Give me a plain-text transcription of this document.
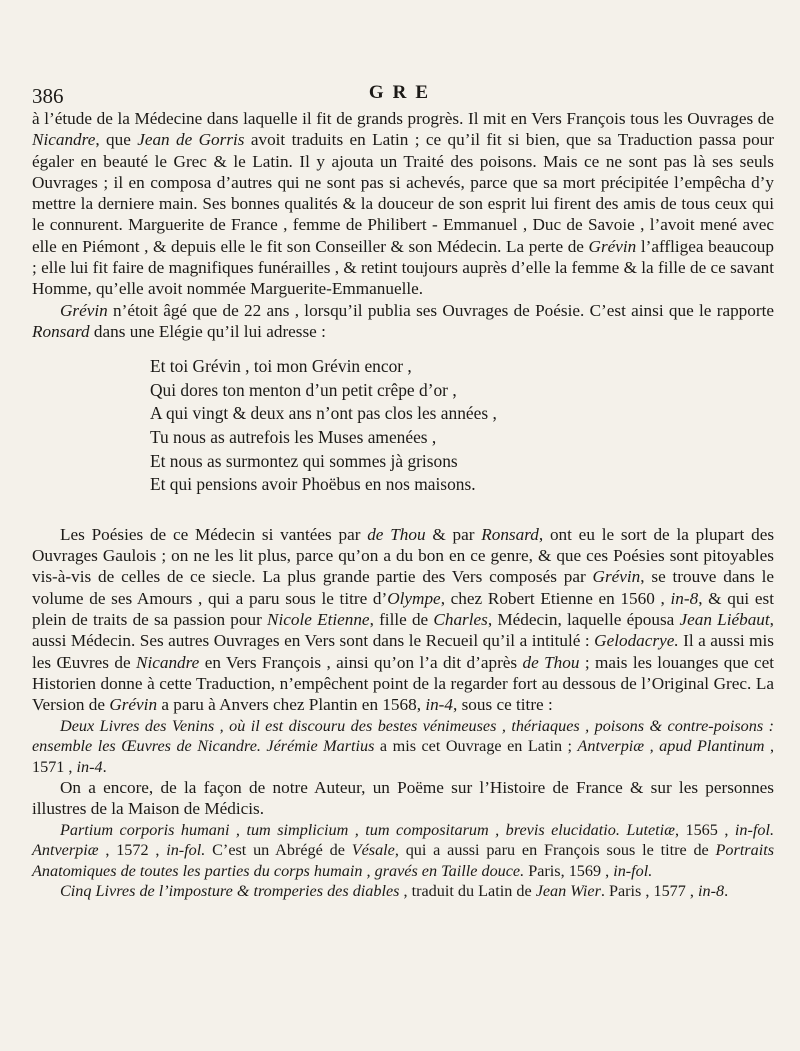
386	GRE

à l’étude de la Médecine dans laquelle il fit de grands progrès. Il mit en Vers François tous les Ouvrages de Nicandre, que Jean de Gorris avoit traduits en Latin ; ce qu’il fit si bien, que sa Traduction passa pour égaler en beauté le Grec & le Latin. Il y ajouta un Traité des poisons. Mais ce ne sont pas là ses seuls Ouvrages ; il en composa d’autres qui ne sont pas si achevés, parce que sa mort précipitée l’empêcha d’y mettre la derniere main. Ses bonnes qualités & la douceur de son esprit lui firent des amis de tous ceux qui le connurent. Marguerite de France , femme de Philibert - Emmanuel , Duc de Savoie , l’avoit mené avec elle en Piémont , & depuis elle le fit son Conseiller & son Médecin. La perte de Grévin l’affligea beaucoup ; elle lui fit faire de magnifiques funérailles , & retint toujours auprès d’elle la femme & la fille de ce savant Homme, qu’elle avoit nommée Marguerite-Emmanuelle.

Grévin n’étoit âgé que de 22 ans , lorsqu’il publia ses Ouvrages de Poésie. C’est ainsi que le rapporte Ronsard dans une Elégie qu’il lui adresse :

Et toi Grévin , toi mon Grévin encor ,
Qui dores ton menton d’un petit crêpe d’or ,
A qui vingt & deux ans n’ont pas clos les années ,
Tu nous as autrefois les Muses amenées ,
Et nous as surmontez qui sommes jà grisons
Et qui pensions avoir Phoëbus en nos maisons.

Les Poésies de ce Médecin si vantées par de Thou & par Ronsard, ont eu le sort de la plupart des Ouvrages Gaulois ; on ne les lit plus, parce qu’on a du bon en ce genre, & que ces Poésies sont pitoyables vis-à-vis de celles de ce siecle. La plus grande partie des Vers composés par Grévin, se trouve dans le volume de ses Amours , qui a paru sous le titre d’Olympe, chez Robert Etienne en 1560 , in-8, & qui est plein de traits de sa passion pour Nicole Etienne, fille de Charles, Médecin, laquelle épousa Jean Liébaut, aussi Médecin. Ses autres Ouvrages en Vers sont dans le Recueil qu’il a intitulé : Gelodacrye. Il a aussi mis les Œuvres de Nicandre en Vers François , ainsi qu’on l’a dit d’après de Thou ; mais les louanges que cet Historien donne à cette Traduction, n’empêchent point de la regarder fort au dessous de l’Original Grec. La Version de Grévin a paru à Anvers chez Plantin en 1568, in-4, sous ce titre :

Deux Livres des Venins , où il est discouru des bestes vénimeuses , thériaques , poisons & contre-poisons : ensemble les Œuvres de Nicandre. Jérémie Martius a mis cet Ouvrage en Latin ; Antverpiæ , apud Plantinum , 1571 , in-4.

On a encore, de la façon de notre Auteur, un Poëme sur l’Histoire de France & sur les personnes illustres de la Maison de Médicis.

Partium corporis humani , tum simplicium , tum compositarum , brevis elucidatio. Lutetiæ, 1565 , in-fol. Antverpiæ , 1572 , in-fol. C’est un Abrégé de Vésale, qui a aussi paru en François sous le titre de Portraits Anatomiques de toutes les parties du corps humain , gravés en Taille douce. Paris, 1569 , in-fol.

Cinq Livres de l’imposture & tromperies des diables , traduit du Latin de Jean Wier. Paris , 1577 , in-8.
